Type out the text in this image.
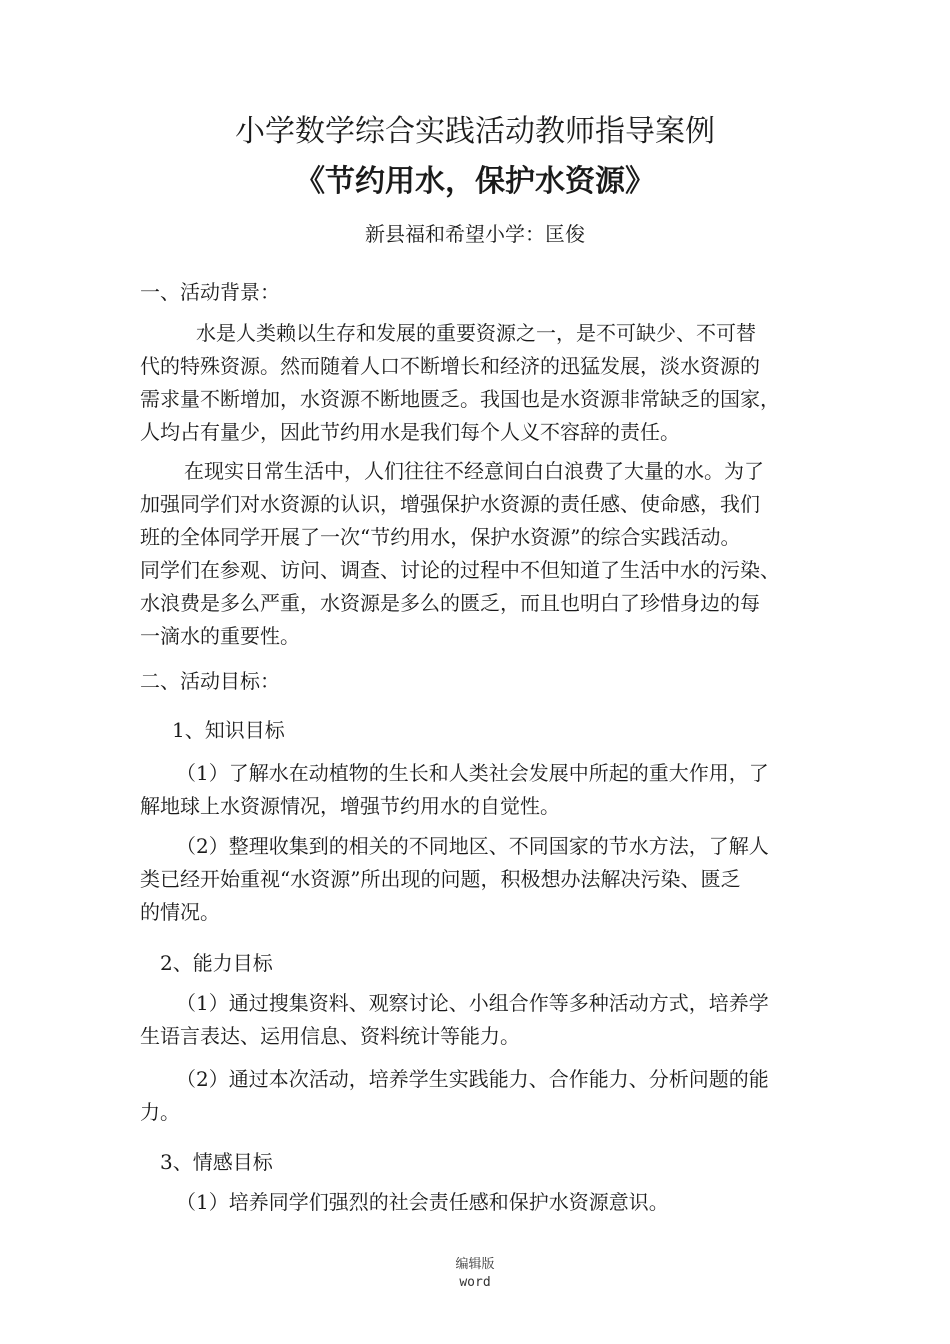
小学数学综合实践活动教师指导案例
《节约用水，保护水资源》
新县福和希望小学：匡俊
一、活动背景：
水是人类赖以生存和发展的重要资源之一，是不可缺少、不可替
代的特殊资源。然而随着人口不断增长和经济的迅猛发展，淡水资源的
需求量不断增加，水资源不断地匮乏。我国也是水资源非常缺乏的国家，
人均占有量少，因此节约用水是我们每个人义不容辞的责任。
在现实日常生活中，人们往往不经意间白白浪费了大量的水。为了
加强同学们对水资源的认识，增强保护水资源的责任感、使命感，我们
班的全体同学开展了一次“节约用水，保护水资源”的综合实践活动。
同学们在参观、访问、调查、讨论的过程中不但知道了生活中水的污染、
水浪费是多么严重，水资源是多么的匮乏，而且也明白了珍惜身边的每
一滴水的重要性。
二、活动目标：
1、知识目标
（1）了解水在动植物的生长和人类社会发展中所起的重大作用，了
解地球上水资源情况，增强节约用水的自觉性。
（2）整理收集到的相关的不同地区、不同国家的节水方法，了解人
类已经开始重视“水资源”所出现的问题，积极想办法解决污染、匮乏
的情况。
2、能力目标
（1）通过搜集资料、观察讨论、小组合作等多种活动方式，培养学
生语言表达、运用信息、资料统计等能力。
（2）通过本次活动，培养学生实践能力、合作能力、分析问题的能
力。
3、情感目标
（1）培养同学们强烈的社会责任感和保护水资源意识。
编辑版
word
